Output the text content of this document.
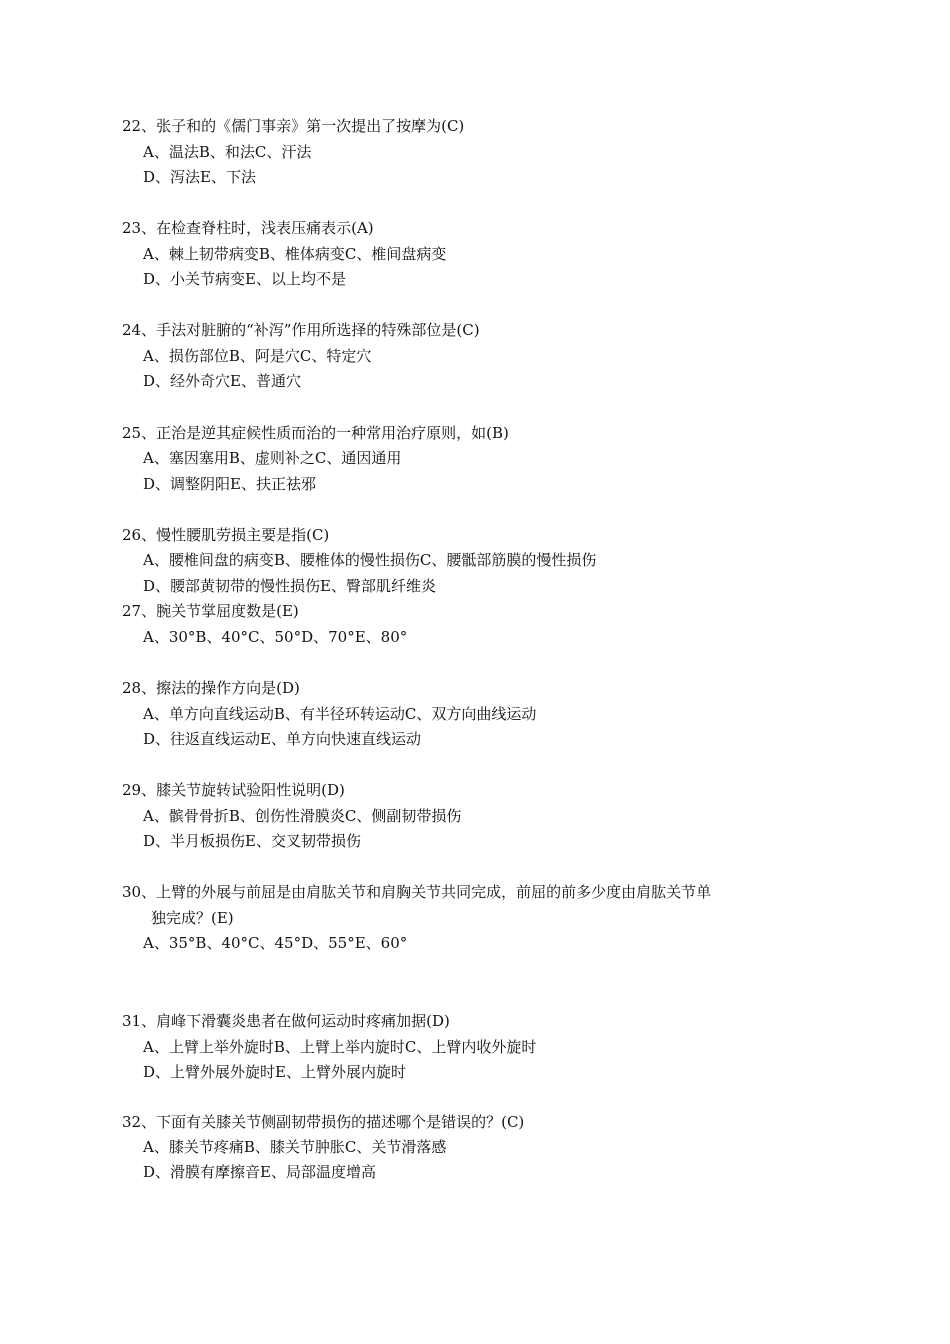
22、张子和的《儒门事亲》第一次提出了按摩为(C)
A、温法B、和法C、汗法
D、泻法E、下法
23、在检查脊柱时，浅表压痛表示(A)
A、棘上韧带病变B、椎体病变C、椎间盘病变
D、小关节病变E、以上均不是
24、手法对脏腑的“补泻”作用所选择的特殊部位是(C)
A、损伤部位B、阿是穴C、特定穴
D、经外奇穴E、普通穴
25、正治是逆其症候性质而治的一种常用治疗原则，如(B)
A、塞因塞用B、虚则补之C、通因通用
D、调整阴阳E、扶正祛邪
26、慢性腰肌劳损主要是指(C)
A、腰椎间盘的病变B、腰椎体的慢性损伤C、腰骶部筋膜的慢性损伤
D、腰部黄韧带的慢性损伤E、臀部肌纤维炎
27、腕关节掌屈度数是(E)
A、30°B、40°C、50°D、70°E、80°
28、擦法的操作方向是(D)
A、单方向直线运动B、有半径环转运动C、双方向曲线运动
D、往返直线运动E、单方向快速直线运动
29、膝关节旋转试验阳性说明(D)
A、髌骨骨折B、创伤性滑膜炎C、侧副韧带损伤
D、半月板损伤E、交叉韧带损伤
30、上臂的外展与前屈是由肩肱关节和肩胸关节共同完成，前屈的前多少度由肩肱关节单
独完成？(E)
A、35°B、40°C、45°D、55°E、60°
31、肩峰下滑囊炎患者在做何运动时疼痛加据(D)
A、上臂上举外旋时B、上臂上举内旋时C、上臂内收外旋时
D、上臂外展外旋时E、上臂外展内旋时
32、下面有关膝关节侧副韧带损伤的描述哪个是错误的？(C)
A、膝关节疼痛B、膝关节肿胀C、关节滑落感
D、滑膜有摩擦音E、局部温度增高
